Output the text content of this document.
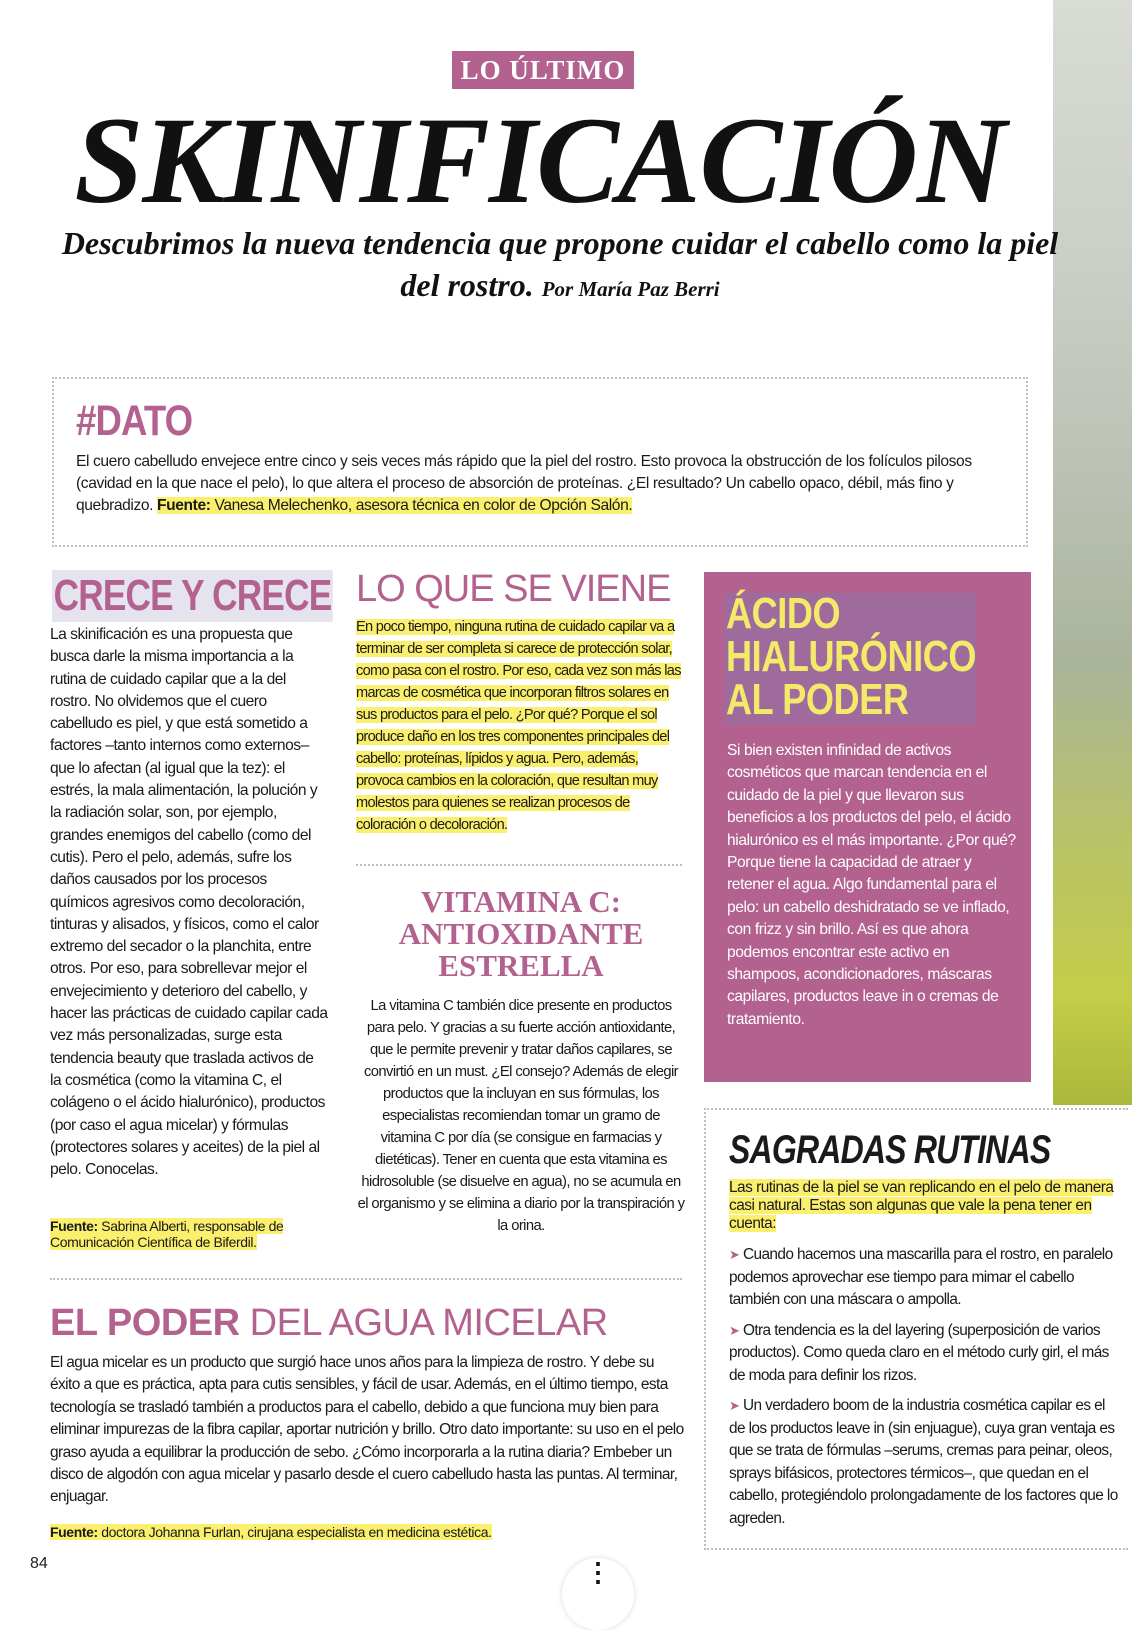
LO ÚLTIMO
SKINIFICACIÓN
Descubrimos la nueva tendencia que propone cuidar el cabello como la piel del rostro. Por María Paz Berri
#DATO
El cuero cabelludo envejece entre cinco y seis veces más rápido que la piel del rostro. Esto provoca la obstrucción de los folículos pilosos (cavidad en la que nace el pelo), lo que altera el proceso de absorción de proteínas. ¿El resultado? Un cabello opaco, débil, más fino y quebradizo. Fuente: Vanesa Melechenko, asesora técnica en color de Opción Salón.
CRECE Y CRECE
La skinificación es una propuesta que busca darle la misma importancia a la rutina de cuidado capilar que a la del rostro. No olvidemos que el cuero cabelludo es piel, y que está sometido a factores –tanto internos como externos– que lo afectan (al igual que la tez): el estrés, la mala alimentación, la polución y la radiación solar, son, por ejemplo, grandes enemigos del cabello (como del cutis). Pero el pelo, además, sufre los daños causados por los procesos químicos agresivos como decoloración, tinturas y alisados, y físicos, como el calor extremo del secador o la planchita, entre otros. Por eso, para sobrellevar mejor el envejecimiento y deterioro del cabello, y hacer las prácticas de cuidado capilar cada vez más personalizadas, surge esta tendencia beauty que traslada activos de la cosmética (como la vitamina C, el colágeno o el ácido hialurónico), productos (por caso el agua micelar) y fórmulas (protectores solares y aceites) de la piel al pelo. Conocelas.
Fuente: Sabrina Alberti, responsable de Comunicación Científica de Biferdil.
LO QUE SE VIENE
En poco tiempo, ninguna rutina de cuidado capilar va a terminar de ser completa si carece de protección solar, como pasa con el rostro. Por eso, cada vez son más las marcas de cosmética que incorporan filtros solares en sus productos para el pelo. ¿Por qué? Porque el sol produce daño en los tres componentes principales del cabello: proteínas, lípidos y agua. Pero, además, provoca cambios en la coloración, que resultan muy molestos para quienes se realizan procesos de coloración o decoloración.
VITAMINA C: ANTIOXIDANTE ESTRELLA
La vitamina C también dice presente en productos para pelo. Y gracias a su fuerte acción antioxidante, que le permite prevenir y tratar daños capilares, se convirtió en un must. ¿El consejo? Además de elegir productos que la incluyan en sus fórmulas, los especialistas recomiendan tomar un gramo de vitamina C por día (se consigue en farmacias y dietéticas). Tener en cuenta que esta vitamina es hidrosoluble (se disuelve en agua), no se acumula en el organismo y se elimina a diario por la transpiración y la orina.
ÁCIDO HIALURÓNICO AL PODER
Si bien existen infinidad de activos cosméticos que marcan tendencia en el cuidado de la piel y que llevaron sus beneficios a los productos del pelo, el ácido hialurónico es el más importante. ¿Por qué? Porque tiene la capacidad de atraer y retener el agua. Algo fundamental para el pelo: un cabello deshidratado se ve inflado, con frizz y sin brillo. Así es que ahora podemos encontrar este activo en shampoos, acondicionadores, máscaras capilares, productos leave in o cremas de tratamiento.
SAGRADAS RUTINAS
Las rutinas de la piel se van replicando en el pelo de manera casi natural. Estas son algunas que vale la pena tener en cuenta:
➤ Cuando hacemos una mascarilla para el rostro, en paralelo podemos aprovechar ese tiempo para mimar el cabello también con una máscara o ampolla.
➤ Otra tendencia es la del layering (superposición de varios productos). Como queda claro en el método curly girl, el más de moda para definir los rizos.
➤ Un verdadero boom de la industria cosmética capilar es el de los productos leave in (sin enjuague), cuya gran ventaja es que se trata de fórmulas –serums, cremas para peinar, oleos, sprays bifásicos, protectores térmicos–, que quedan en el cabello, protegiéndolo prolongadamente de los factores que lo agreden.
EL PODER DEL AGUA MICELAR
El agua micelar es un producto que surgió hace unos años para la limpieza de rostro. Y debe su éxito a que es práctica, apta para cutis sensibles, y fácil de usar. Además, en el último tiempo, esta tecnología se trasladó también a productos para el cabello, debido a que funciona muy bien para eliminar impurezas de la fibra capilar, aportar nutrición y brillo. Otro dato importante: su uso en el pelo graso ayuda a equilibrar la producción de sebo. ¿Cómo incorporarla a la rutina diaria? Embeber un disco de algodón con agua micelar y pasarlo desde el cuero cabelludo hasta las puntas. Al terminar, enjuagar.
Fuente: doctora Johanna Furlan, cirujana especialista en medicina estética.
84	⋮
